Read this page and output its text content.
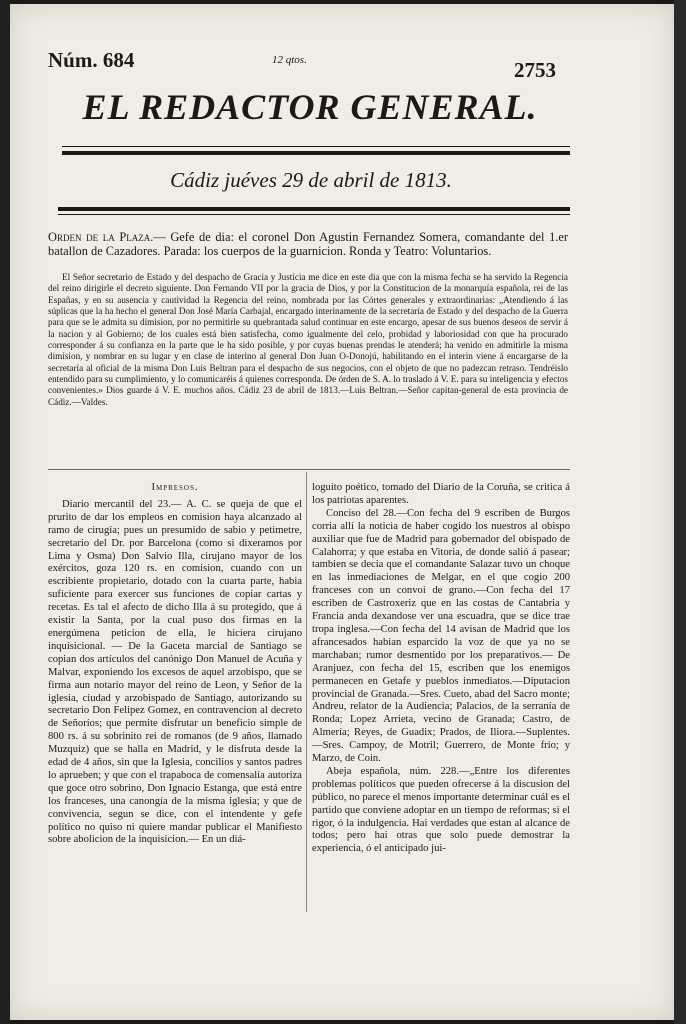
Núm. 684	12 qtos.	2753
EL REDACTOR GENERAL.
Cádiz juéves 29 de abril de 1813.
Orden de la Plaza.— Gefe de dia: el coronel Don Agustin Fernandez Somera, comandante del 1.er batallon de Cazadores. Parada: los cuerpos de la guarnicion. Ronda y Teatro: Voluntarios.

El Señor secretario de Estado y del despacho de Gracia y Justicia me dice en este dia que con la misma fecha se ha servido la Regencia del reino dirigirle el decreto siguiente. Don Fernando VII por la gracia de Dios, y por la Constitucion de la monarquía española, rei de las Españas, y en su ausencia y cautividad la Regencia del reino, nombrada por las Córtes generales y extraordinarias: „Atendiendo á las súplicas que la ha hecho el general Don José María Carbajal, encargado interinamente de la secretaría de Estado y del despacho de la Guerra para que se le admita su dimision, por no permitirle su quebrantada salud continuar en este encargo, apesar de sus buenos deseos de servir á la nacion y al Gobierno; de los cuales está bien satisfecha, como igualmente del celo, probidad y laboriosidad con que ha procurado corresponder á su confianza en la parte que le ha sido posible, y por cuyas buenas prendas le atenderá; ha venido en admitirle la misma dimision, y nombrar en su lugar y en clase de interino al general Don Juan O-Donojú, habilitando en el interin viene á encargarse de la secretaría al oficial de la misma Don Luis Beltran para el despacho de sus negocios, con el objeto de que no padezcan retraso. Tendréislo entendido para su cumplimiento, y lo comunicaréis á quienes corresponda. De órden de S. A. lo traslado á V. E. para su inteligencia y efectos convenientes.» Dios guarde á V. E. muchos años. Cádiz 23 de abril de 1813.—Luis Beltran.—Señor capitan-general de esta provincia de Cádiz.—Valdes.

Impresos.

Diario mercantil del 23.— A. C. se queja de que el prurito de dar los empleos en comision haya alcanzado al ramo de cirugía; pues un presumido de sabio y petimetre, secretario del Dr. por Barcelona (como si dixeramos por Lima y Osma) Don Salvio Illa, cirujano mayor de los exércitos, goza 120 rs. en comision, cuando con un escribiente propietario, dotado con la cuarta parte, habia suficiente para exercer sus funciones de copiar cartas y recetas. Es tal el afecto de dicho Illa á su protegido, que á existir la Santa, por la cual puso dos firmas en la energúmena peticion de ella, le hiciera cirujano inquisicional. — De la Gaceta marcial de Santiago se copian dos artículos del canónigo Don Manuel de Acuña y Malvar, exponiendo los excesos de aquel arzobispo, que se firma aun notario mayor del reino de Leon, y Señor de la iglesia, ciudad y arzobispado de Santiago, autorizando su secretario Don Felipez Gomez, en contravencion al decreto de Señoríos; que permite disfrutar un beneficio simple de 800 rs. á su sobrinito rei de romanos (de 9 años, llamado Muzquiz) que se halla en Madrid, y le disfruta desde la edad de 4 años, sin que la Iglesia, concilios y santos padres lo aprueben; y que con el trapaboca de comensalía autoriza que goce otro sobrino, Don Ignacio Estanga, que está entre los franceses, una canongía de la misma iglesia; y que de convivencia, segun se dice, con el intendente y gefe político no quiso ni quiere mandar publicar el Manifiesto sobre abolicion de la inquisicion.— En un diá-

loguito poético, tomado del Diario de la Coruña, se critica á los patriotas aparentes.

Conciso del 28.—Con fecha del 9 escriben de Burgos corria allí la noticia de haber cogido los nuestros al obispo auxiliar que fue de Madrid para gobernador del obispado de Calahorra; y que estaba en Vitoria, de donde salió á pasear; tambien se decia que el comandante Salazar tuvo un choque en las inmediaciones de Melgar, en el que cogio 200 franceses con un convoi de grano.—Con fecha del 17 escriben de Castroxeriz que en las costas de Cantabria y Francia anda dexandose ver una escuadra, que se dice trae tropa inglesa.—Con fecha del 14 avisan de Madrid que los afrancesados habian esparcido la voz de que ya no se marchaban; rumor desmentido por los preparativos.— De Aranjuez, con fecha del 15, escriben que los enemigos permanecen en Getafe y pueblos inmediatos.—Diputacion provincial de Granada.—Sres. Cueto, abad del Sacro monte; Andreu, relator de la Audiencia; Palacios, de la serranía de Ronda; Lopez Arrieta, vecino de Granada; Castro, de Almería; Reyes, de Guadix; Prados, de Iliora.—Suplentes.—Sres. Campoy, de Motril; Guerrero, de Monte frio; y Marzo, de Coin.

Abeja española, núm. 228.—„Entre los diferentes problemas políticos que pueden ofrecerse á la discusion del público, no parece el menos importante determinar cuál es el partido que conviene adoptar en un tiempo de reformas; si el rigor, ó la indulgencia. Hai verdades que estan al alcance de todos; pero hai otras que solo puede demostrar la experiencia, ó el anticipado jui-
